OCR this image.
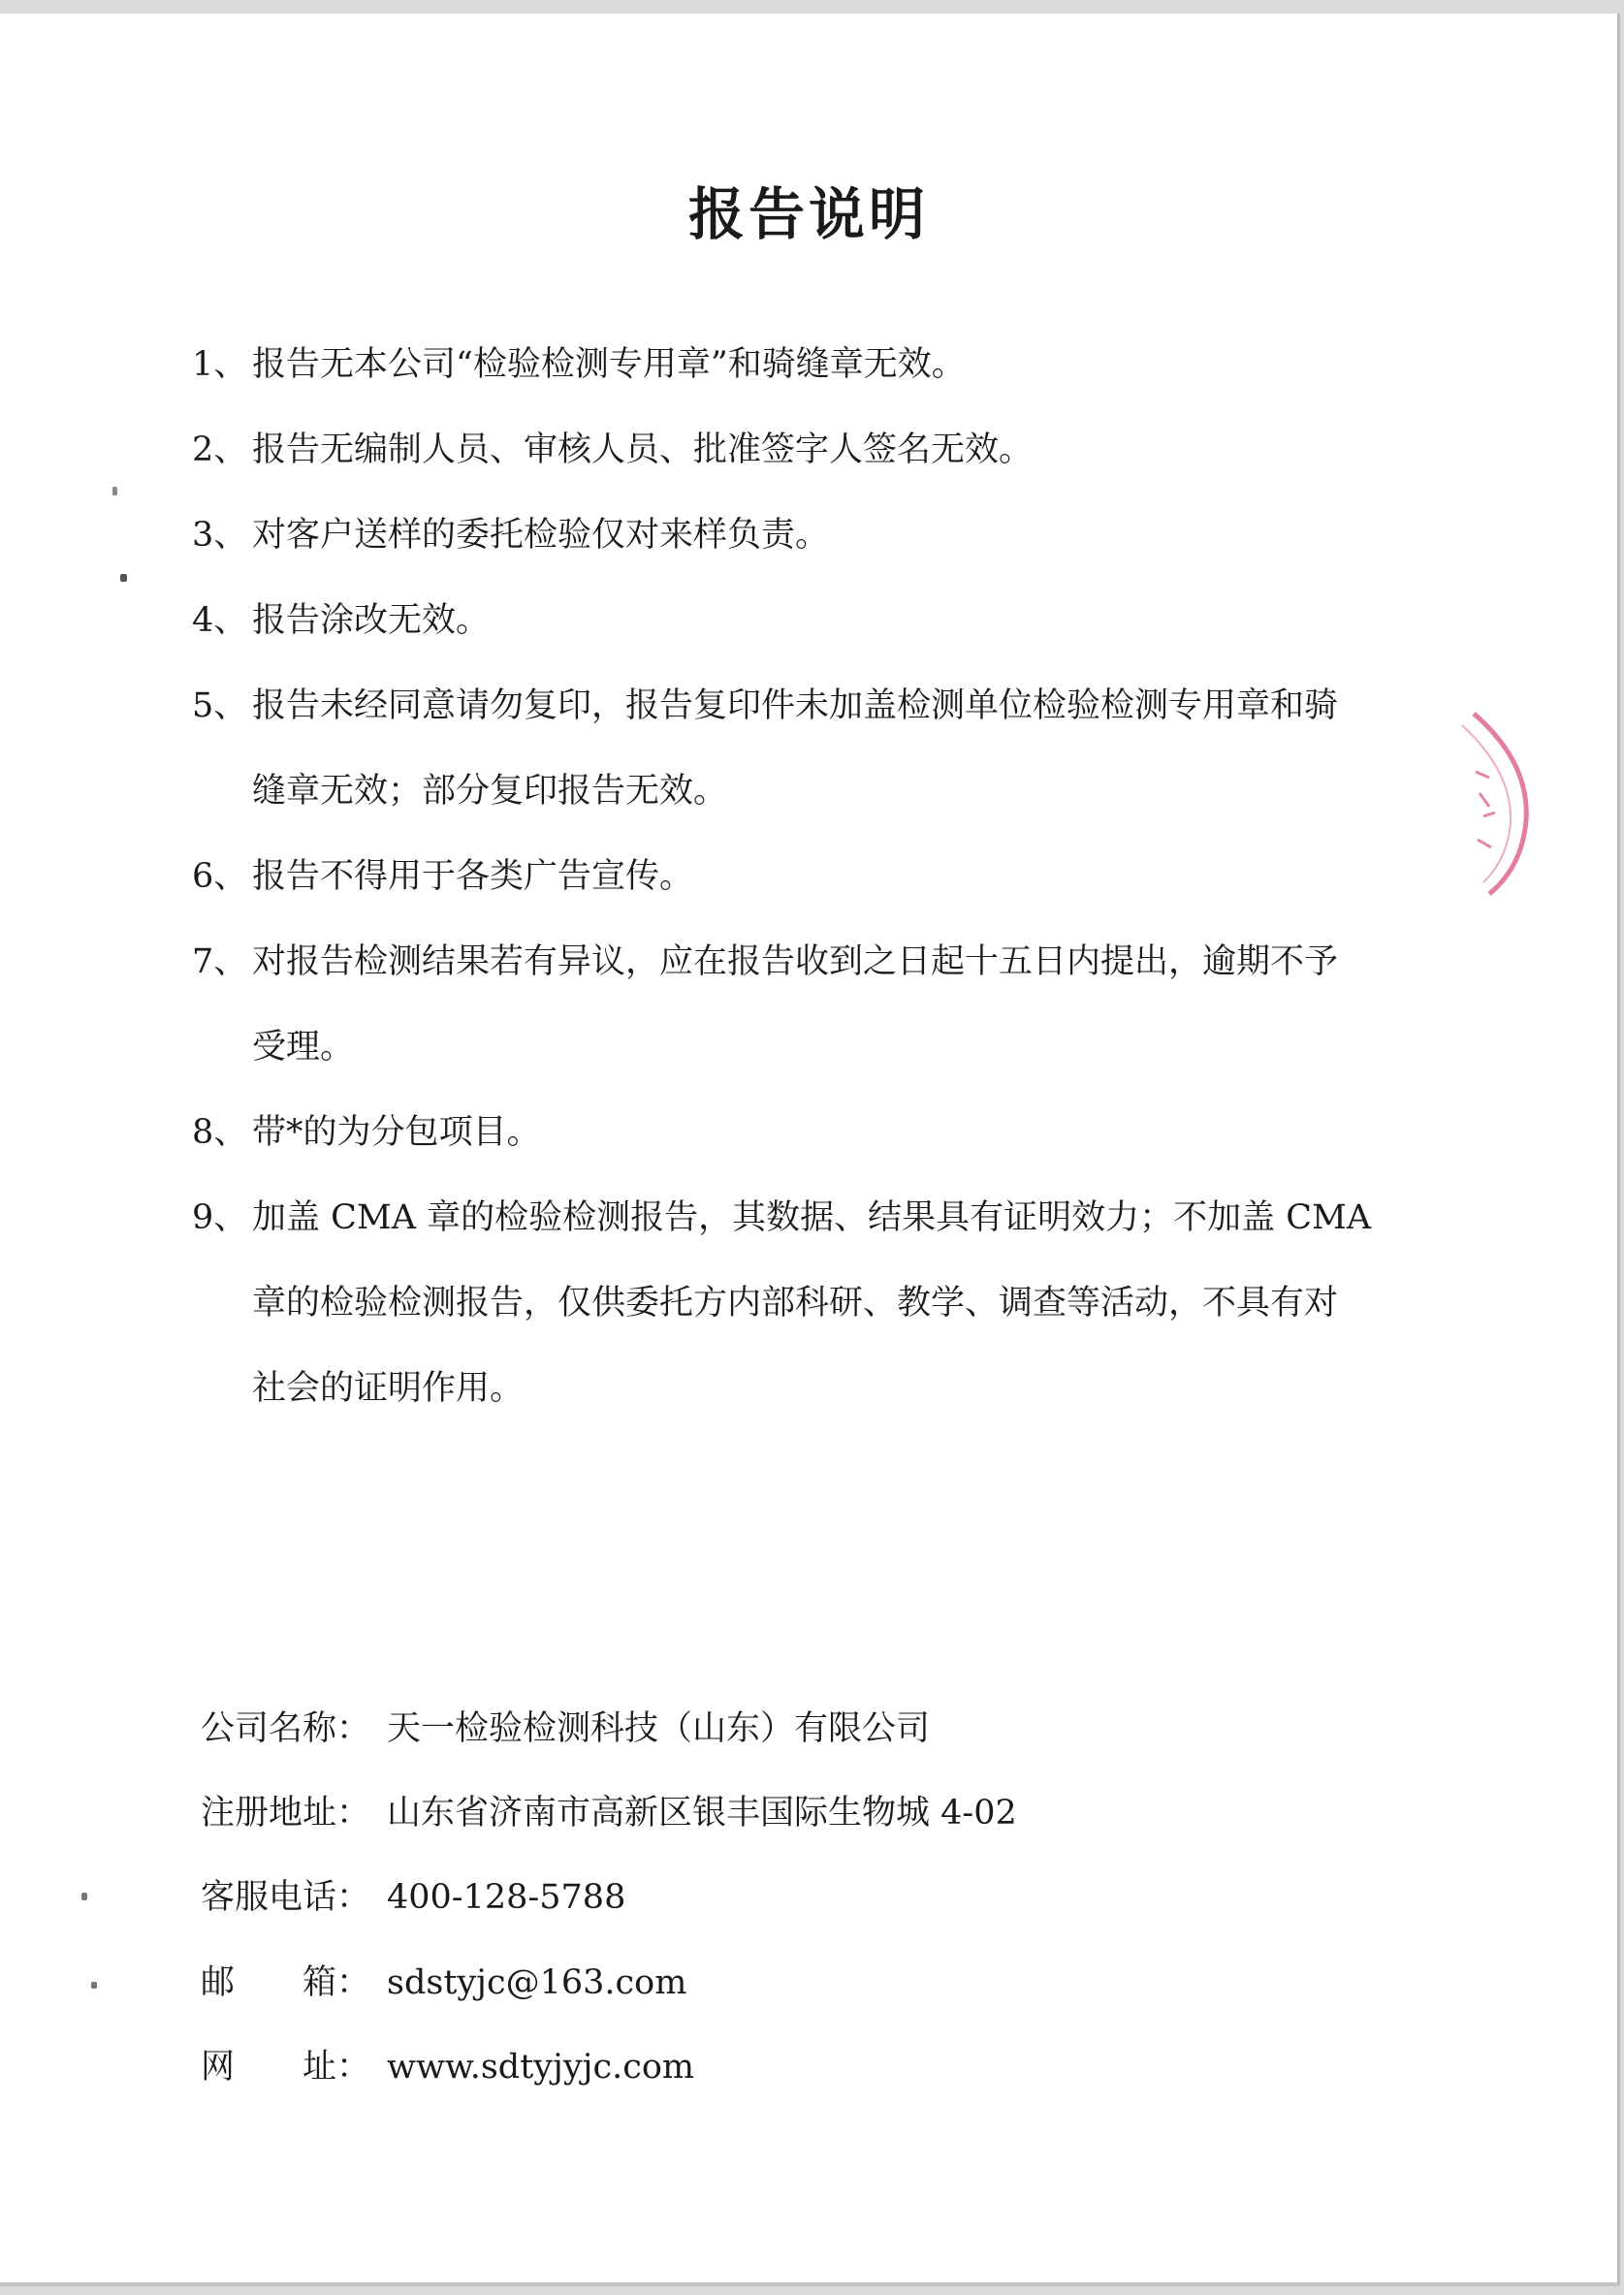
报告说明
1、 报告无本公司“检验检测专用章”和骑缝章无效。
2、 报告无编制人员、审核人员、批准签字人签名无效。
3、 对客户送样的委托检验仅对来样负责。
4、 报告涂改无效。
5、 报告未经同意请勿复印，报告复印件未加盖检测单位检验检测专用章和骑
缝章无效；部分复印报告无效。
6、 报告不得用于各类广告宣传。
7、 对报告检测结果若有异议，应在报告收到之日起十五日内提出，逾期不予
受理。
8、 带*的为分包项目。
9、 加盖 CMA 章的检验检测报告，其数据、结果具有证明效力；不加盖 CMA
章的检验检测报告，仅供委托方内部科研、教学、调查等活动，不具有对
社会的证明作用。
公司名称： 天一检验检测科技（山东）有限公司
注册地址： 山东省济南市高新区银丰国际生物城 4-02
客服电话： 400-128-5788
邮　　箱： sdstyjc@163.com
网　　址： www.sdtyjyjc.com
